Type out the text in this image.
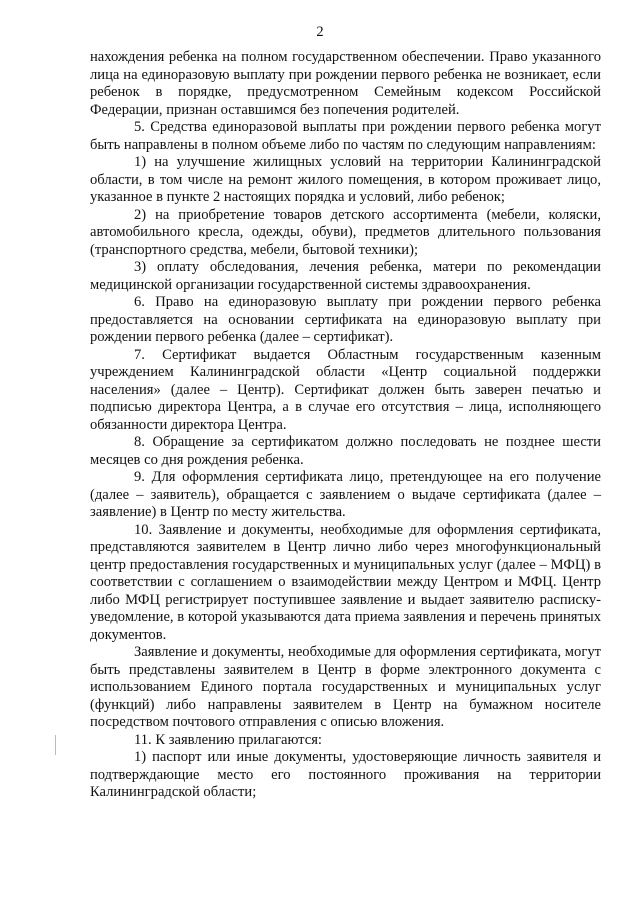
2

нахождения ребенка на полном государственном обеспечении. Право указанного лица на единоразовую выплату при рождении первого ребенка не возникает, если ребенок в порядке, предусмотренном Семейным кодексом Российской Федерации, признан оставшимся без попечения родителей.

5. Средства единоразовой выплаты при рождении первого ребенка могут быть направлены в полном объеме либо по частям по следующим направлениям:

1) на улучшение жилищных условий на территории Калининградской области, в том числе на ремонт жилого помещения, в котором проживает лицо, указанное в пункте 2 настоящих порядка и условий, либо ребенок;

2) на приобретение товаров детского ассортимента (мебели, коляски, автомобильного кресла, одежды, обуви), предметов длительного пользования (транспортного средства, мебели, бытовой техники);

3) оплату обследования, лечения ребенка, матери по рекомендации медицинской организации государственной системы здравоохранения.

6. Право на единоразовую выплату при рождении первого ребенка предоставляется на основании сертификата на единоразовую выплату при рождении первого ребенка (далее – сертификат).

7. Сертификат выдается Областным государственным казенным учреждением Калининградской области «Центр социальной поддержки населения» (далее – Центр). Сертификат должен быть заверен печатью и подписью директора Центра, а в случае его отсутствия – лица, исполняющего обязанности директора Центра.

8. Обращение за сертификатом должно последовать не позднее шести месяцев со дня рождения ребенка.

9. Для оформления сертификата лицо, претендующее на его получение (далее – заявитель), обращается с заявлением о выдаче сертификата (далее – заявление) в Центр по месту жительства.

10. Заявление и документы, необходимые для оформления сертификата, представляются заявителем в Центр лично либо через многофункциональный центр предоставления государственных и муниципальных услуг (далее – МФЦ) в соответствии с соглашением о взаимодействии между Центром и МФЦ. Центр либо МФЦ регистрирует поступившее заявление и выдает заявителю расписку-уведомление, в которой указываются дата приема заявления и перечень принятых документов.

Заявление и документы, необходимые для оформления сертификата, могут быть представлены заявителем в Центр в форме электронного документа с использованием Единого портала государственных и муниципальных услуг (функций) либо направлены заявителем в Центр на бумажном носителе посредством почтового отправления с описью вложения.

11. К заявлению прилагаются:

1) паспорт или иные документы, удостоверяющие личность заявителя и подтверждающие место его постоянного проживания на территории Калининградской области;
